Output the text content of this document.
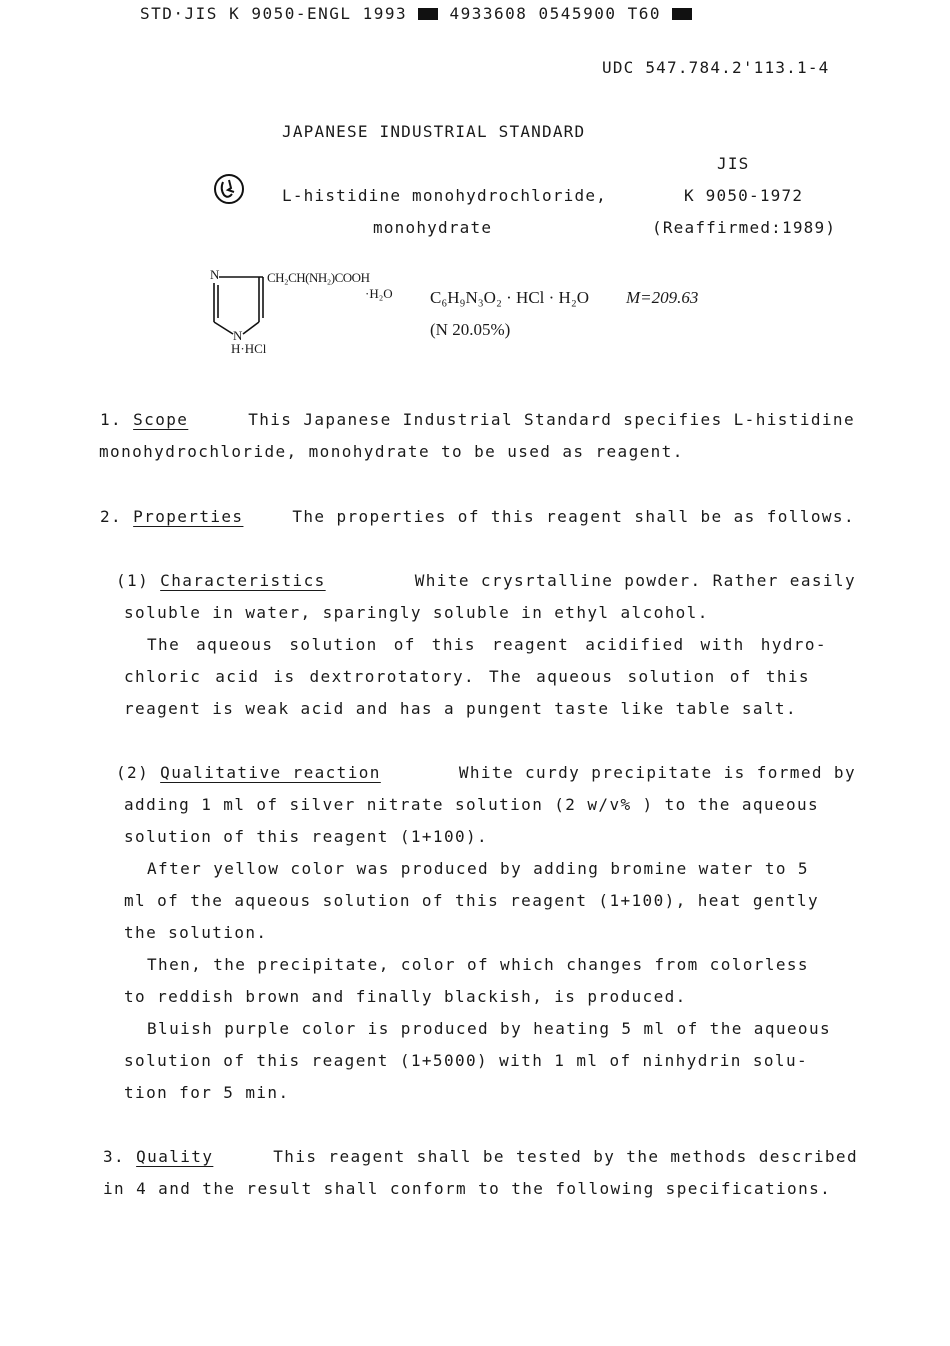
STD·JIS K 9050-ENGL 1993	4933608 0545900 T60
UDC 547.784.2'113.1-4
JAPANESE INDUSTRIAL STANDARD
JIS
L-histidine monohydrochloride,	K 9050-1972
monohydrate	(Reaffirmed:1989)
N	CH₂CH(NH₂)COOH
·H₂O
N
H·HCl
C₆H₉N₃O₂ · HCl · H₂O M=209.63
(N 20.05%)
1. Scope	This Japanese Industrial Standard specifies L-histidine
monohydrochloride, monohydrate to be used as reagent.
2. Properties	The properties of this reagent shall be as follows.
(1) Characteristics	White crysrtalline powder. Rather easily
soluble in water, sparingly soluble in ethyl alcohol.
The aqueous solution of this reagent acidified with hydro-
chloric acid is dextrorotatory. The aqueous solution of this
reagent is weak acid and has a pungent taste like table salt.
(2) Qualitative reaction	White curdy precipitate is formed by
adding 1 ml of silver nitrate solution (2 w/v% ) to the aqueous
solution of this reagent (1+100).
After yellow color was produced by adding bromine water to 5
ml of the aqueous solution of this reagent (1+100), heat gently
the solution.
Then, the precipitate, color of which changes from colorless
to reddish brown and finally blackish, is produced.
Bluish purple color is produced by heating 5 ml of the aqueous
solution of this reagent (1+5000) with 1 ml of ninhydrin solu-
tion for 5 min.
3. Quality	This reagent shall be tested by the methods described
in 4 and the result shall conform to the following specifications.
